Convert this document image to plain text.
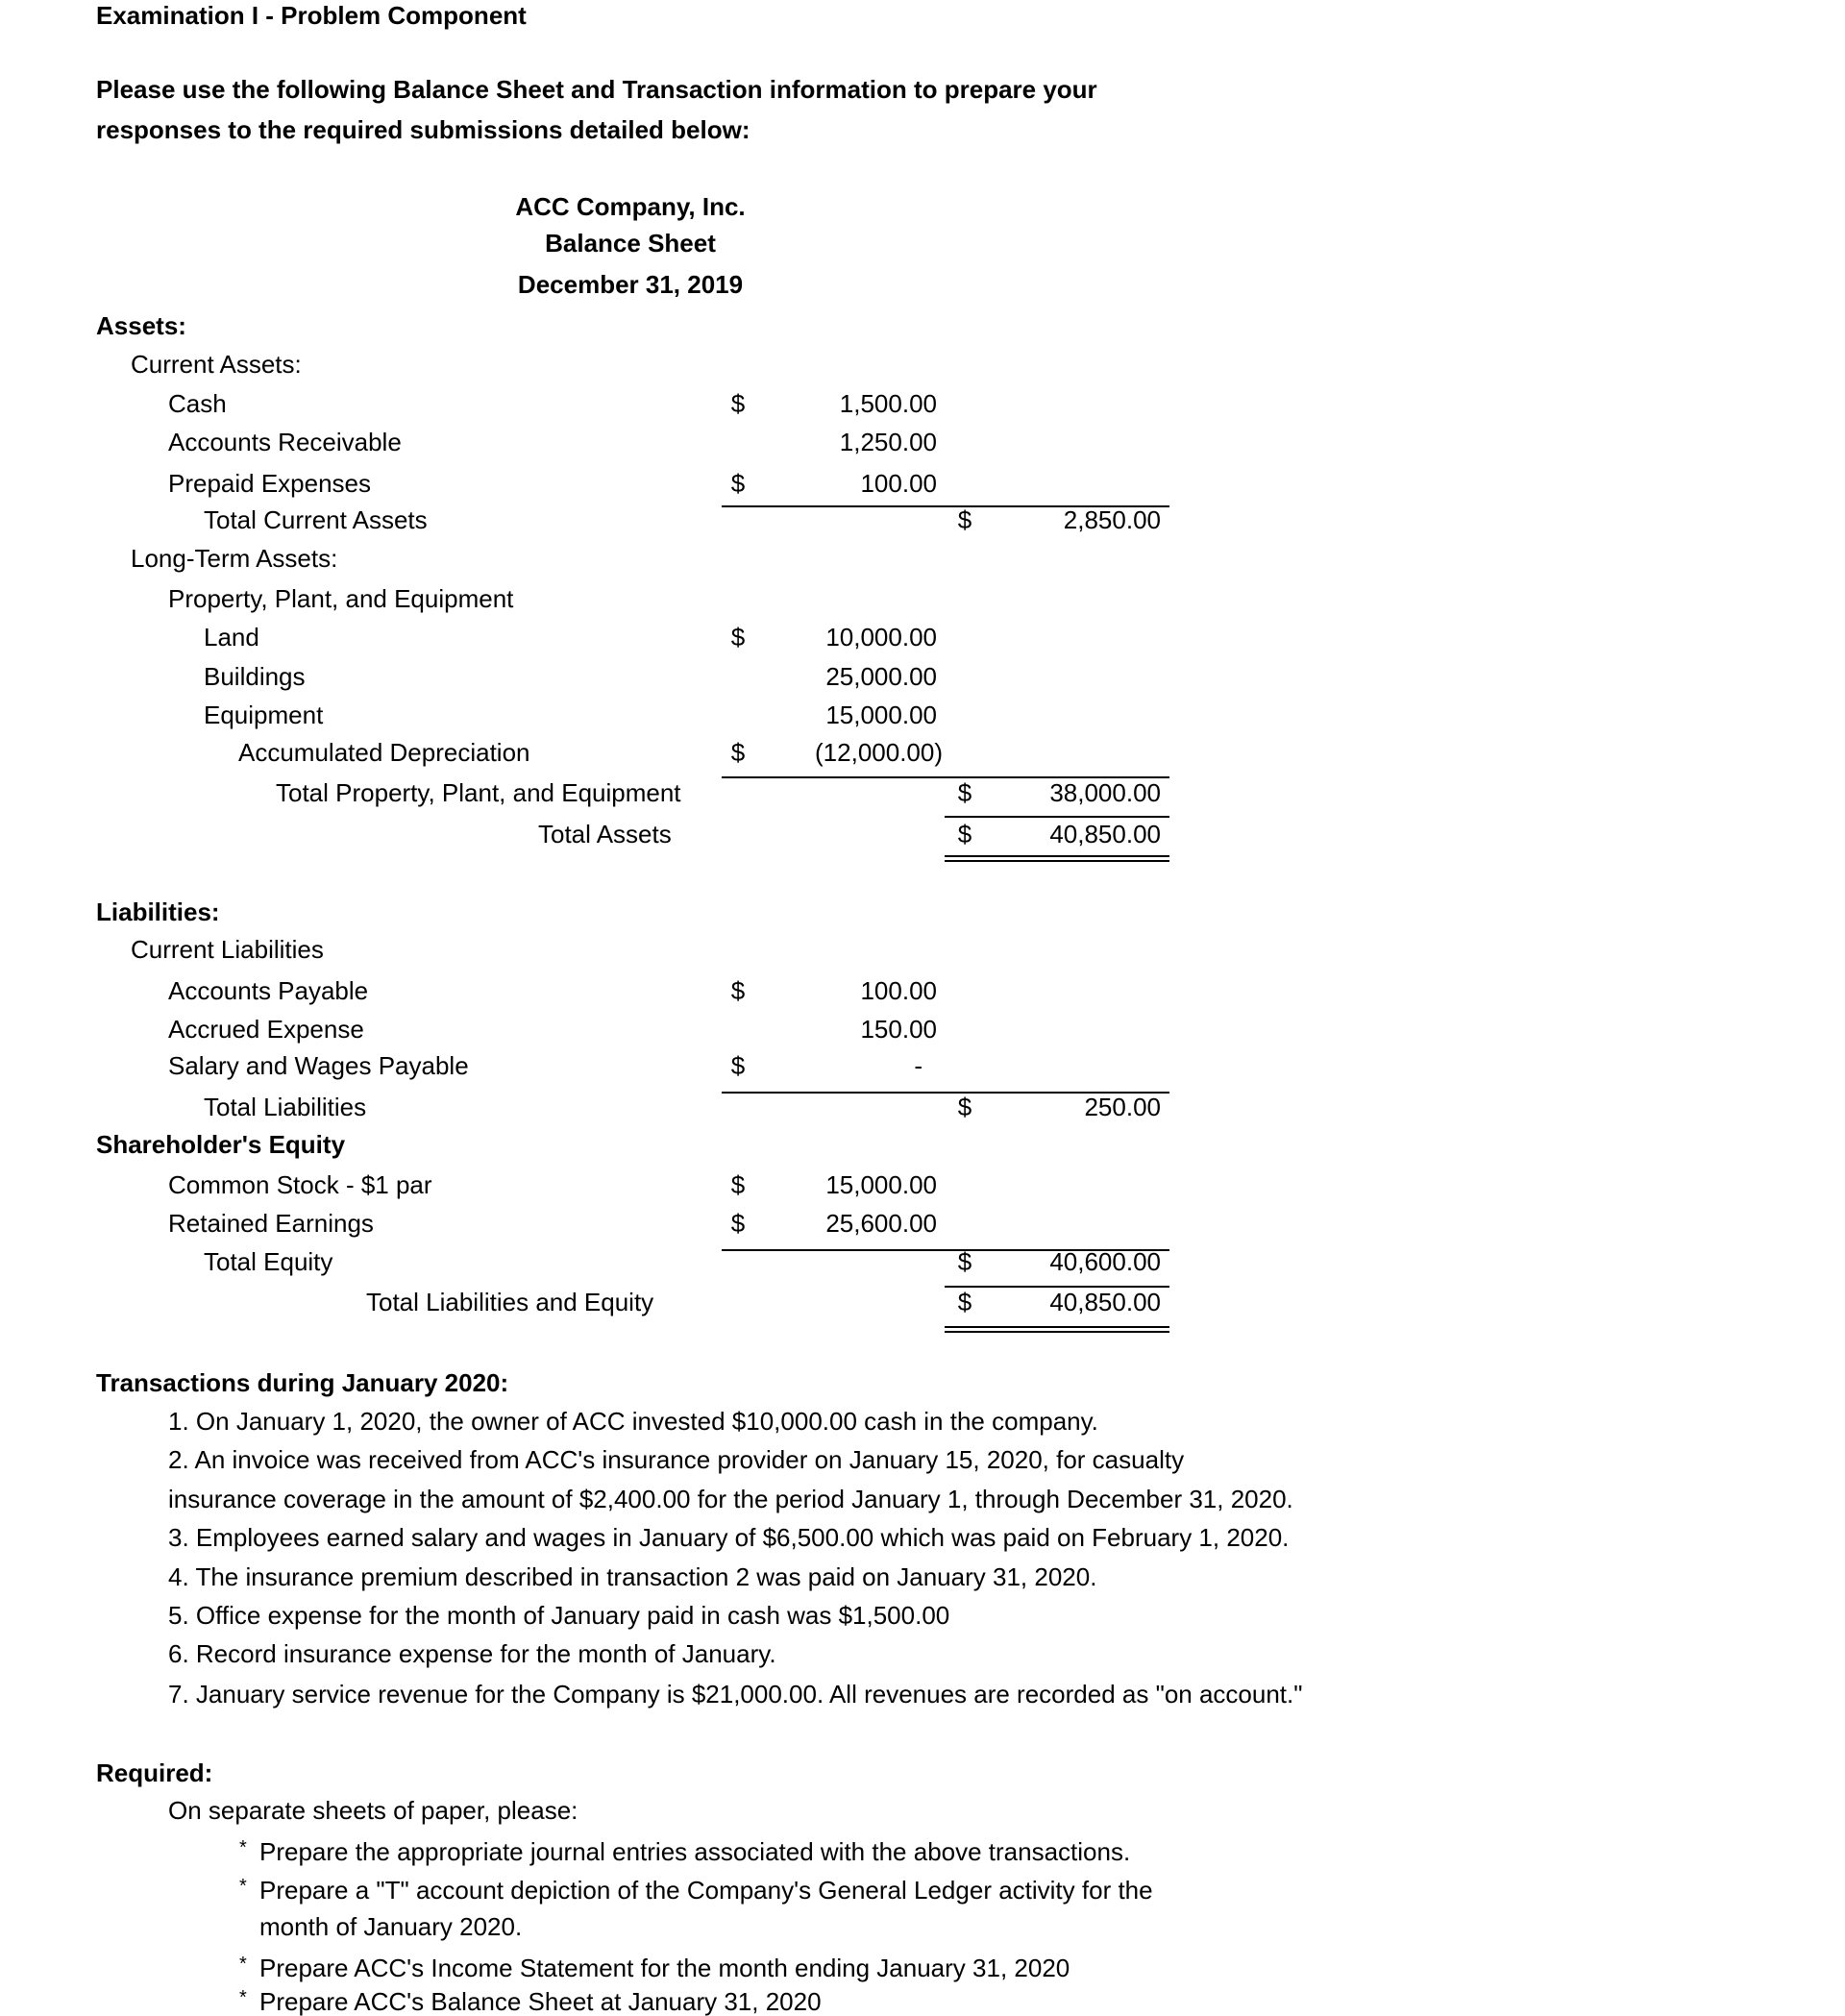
Examination I - Problem Component
Please use the following Balance Sheet and Transaction information to prepare your
responses to the required submissions detailed below:
ACC Company, Inc.
Balance Sheet
December 31, 2019
Assets:
Current Assets:
Cash	$	1,500.00
Accounts Receivable	1,250.00
Prepaid Expenses	$	100.00
Total Current Assets	$	2,850.00
Long-Term Assets:
Property, Plant, and Equipment
Land	$	10,000.00
Buildings	25,000.00
Equipment	15,000.00
Accumulated Depreciation	$	(12,000.00)
Total Property, Plant, and Equipment	$	38,000.00
Total Assets	$	40,850.00
Liabilities:
Current Liabilities
Accounts Payable	$	100.00
Accrued Expense	150.00
Salary and Wages Payable	$	-
Total Liabilities	$	250.00
Shareholder's Equity
Common Stock - $1 par	$	15,000.00
Retained Earnings	$	25,600.00
Total Equity	$	40,600.00
Total Liabilities and Equity	$	40,850.00
Transactions during January 2020:
1. On January 1, 2020, the owner of ACC invested $10,000.00 cash in the company.
2. An invoice was received from ACC's insurance provider on January 15, 2020, for casualty
insurance coverage in the amount of $2,400.00 for the period January 1, through December 31, 2020.
3. Employees earned salary and wages in January of $6,500.00 which was paid on February 1, 2020.
4. The insurance premium described in transaction 2 was paid on January 31, 2020.
5. Office expense for the month of January paid in cash was $1,500.00
6. Record insurance expense for the month of January.
7. January service revenue for the Company is $21,000.00. All revenues are recorded as "on account."
Required:
On separate sheets of paper, please:
* Prepare the appropriate journal entries associated with the above transactions.
* Prepare a "T" account depiction of the Company's General Ledger activity for the
month of January 2020.
* Prepare ACC's Income Statement for the month ending January 31, 2020
* Prepare ACC's Balance Sheet at January 31, 2020
